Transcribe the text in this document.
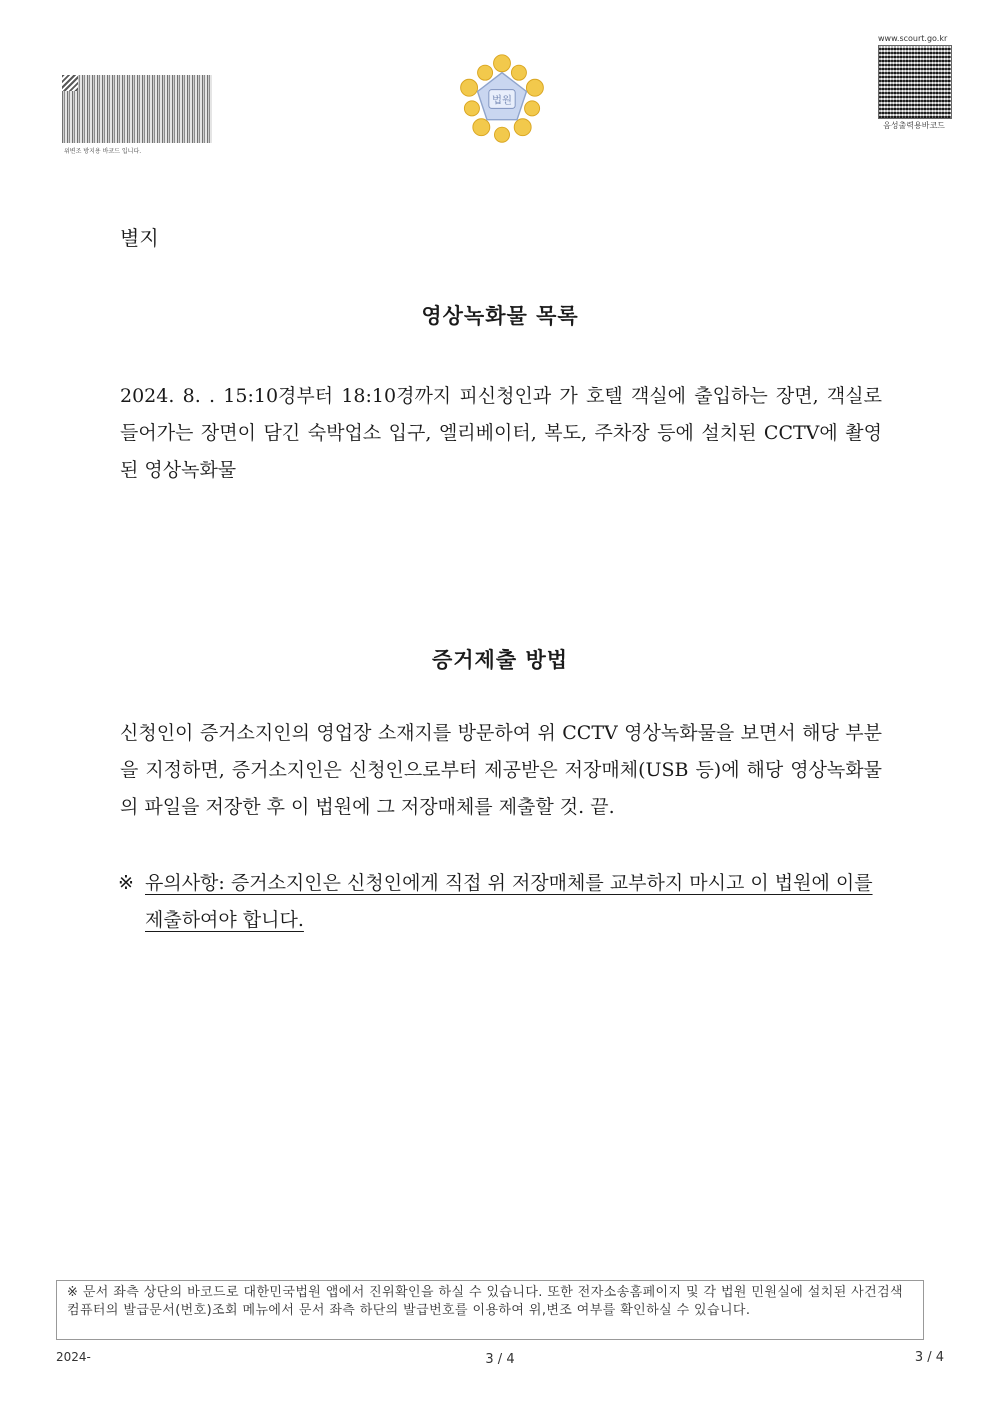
위변조 방지용 바코드 입니다.
법원
www.scourt.go.kr
음성출력용바코드
별지
영상녹화물 목록
2024. 8. . 15:10경부터 18:10경까지 피신청인과 가 호텔 객실에 출입하는 장면, 객실로 들어가는 장면이 담긴 숙박업소 입구, 엘리베이터, 복도, 주차장 등에 설치된 CCTV에 촬영된 영상녹화물
증거제출 방법
신청인이 증거소지인의 영업장 소재지를 방문하여 위 CCTV 영상녹화물을 보면서 해당 부분을 지정하면, 증거소지인은 신청인으로부터 제공받은 저장매체(USB 등)에 해당 영상녹화물의 파일을 저장한 후 이 법원에 그 저장매체를 제출할 것. 끝.
※ 유의사항: 증거소지인은 신청인에게 직접 위 저장매체를 교부하지 마시고 이 법원에 이를 제출하여야 합니다.
※ 문서 좌측 상단의 바코드로 대한민국법원 앱에서 진위확인을 하실 수 있습니다. 또한 전자소송홈페이지 및 각 법원 민원실에 설치된 사건검색 컴퓨터의 발급문서(번호)조회 메뉴에서 문서 좌측 하단의 발급번호를 이용하여 위,변조 여부를 확인하실 수 있습니다.
2024-	3 / 4	3 / 4
